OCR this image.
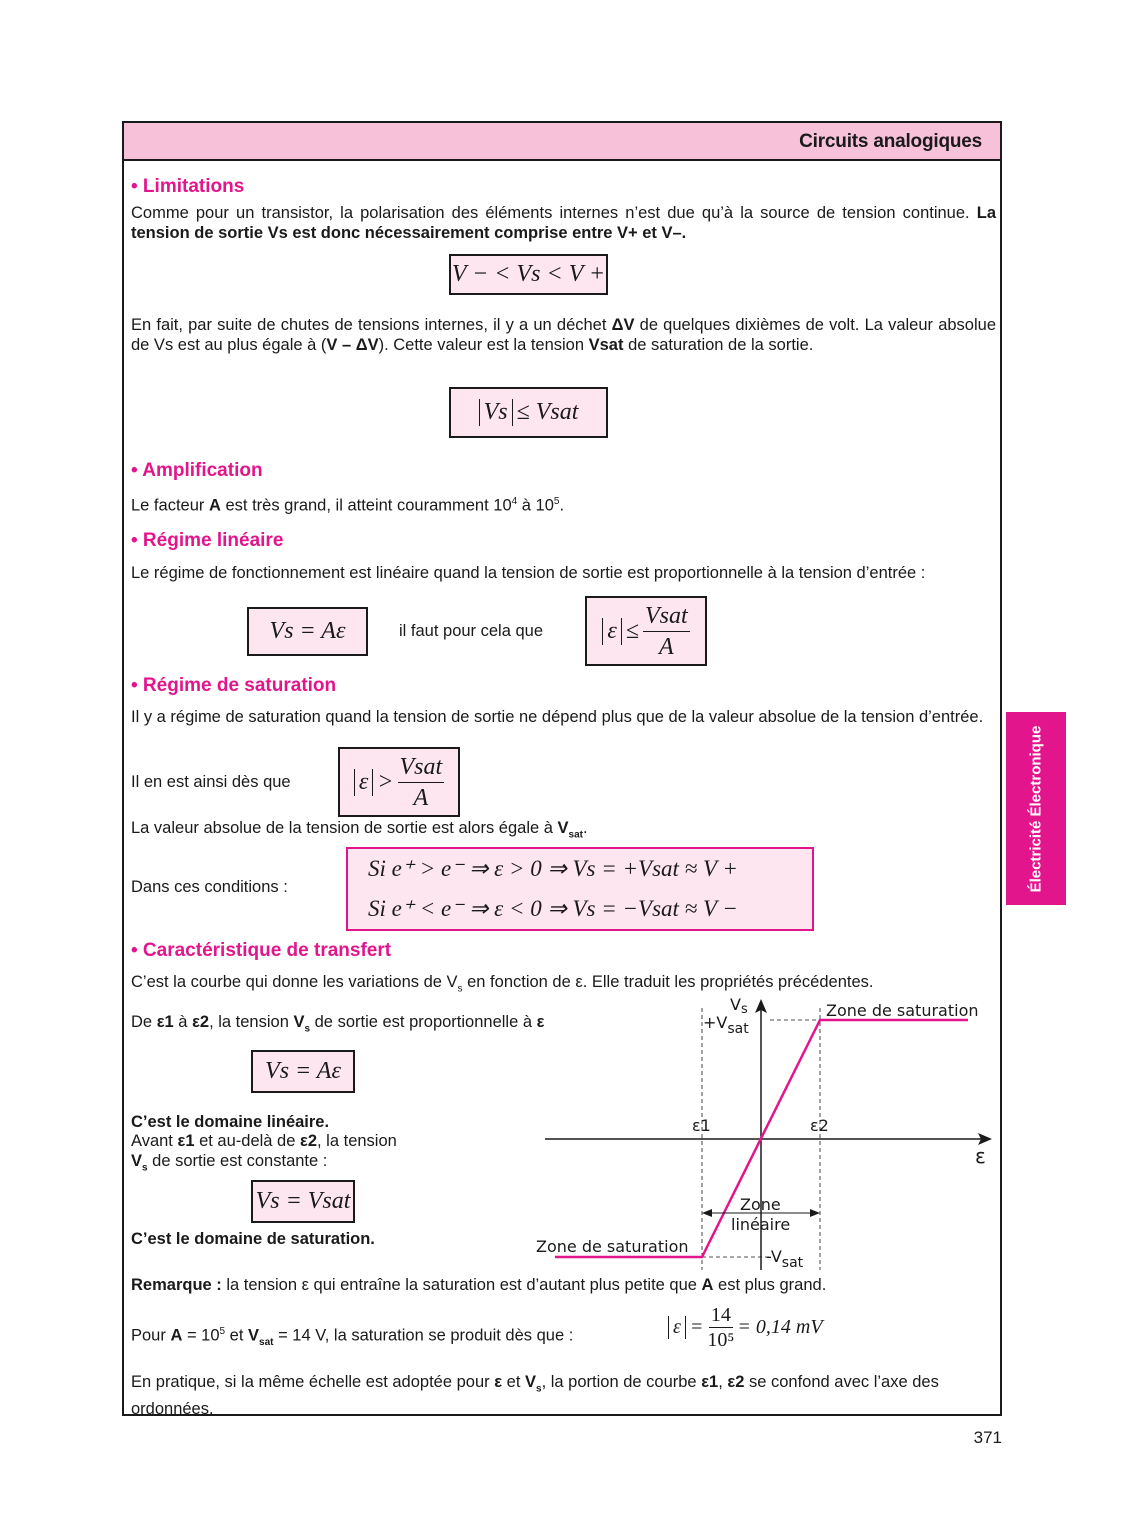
Circuits analogiques
• Limitations
Comme pour un transistor, la polarisation des éléments internes n’est due qu’à la source de tension continue. La tension de sortie Vs est donc nécessairement comprise entre V+ et V–.
V − < Vs < V +
En fait, par suite de chutes de tensions internes, il y a un déchet ΔV de quelques dixièmes de volt. La valeur absolue de Vs est au plus égale à (V – ΔV). Cette valeur est la tension Vsat de saturation de la sortie.
Vs ≤ Vsat
• Amplification
Le facteur A est très grand, il atteint couramment $10^4$ à $10^5$.
• Régime linéaire
Le régime de fonctionnement est linéaire quand la tension de sortie est proportionnelle à la tension d’entrée :
Vs = Aε	il faut pour cela que	$\varepsilon \le \frac{\text{Vsat}}{A}$
• Régime de saturation
Il y a régime de saturation quand la tension de sortie ne dépend plus que de la valeur absolue de la tension d’entrée.
Il en est ainsi dès que	$\varepsilon > \frac{\text{Vsat}}{A}$
La valeur absolue de la tension de sortie est alors égale à $V_{sat}$.
Dans ces conditions :
Si e⁺ > e⁻ ⇒ ε > 0 ⇒ Vs = +Vsat ≈ V +
Si e⁺ < e⁻ ⇒ ε < 0 ⇒ Vs = −Vsat ≈ V −
Électricité Électronique
• Caractéristique de transfert
C’est la courbe qui donne les variations de $V_s$ en fonction de ε. Elle traduit les propriétés précédentes.
De ε1 à ε2, la tension $V_s$ de sortie est proportionnelle à ε
Vs = Aε
C’est le domaine linéaire.
Avant ε1 et au-delà de ε2, la tension
$V_s$ de sortie est constante :
Vs = Vsat
C’est le domaine de saturation.
Vs
+Vsat
Zone de saturation
ε1	ε2
ε
Zone
linéaire
Zone de saturation
-Vsat
Remarque : la tension ε qui entraîne la saturation est d’autant plus petite que A est plus grand.
Pour $A = 10^5$ et $V_{sat} = 14$ V, la saturation se produit dès que :	$\varepsilon = \frac{14}{\text{10⁵}} = 0,14$ mV
En pratique, si la même échelle est adoptée pour ε et $V_s$, la portion de courbe ε1, ε2 se confond avec l’axe des ordonnées.
371
